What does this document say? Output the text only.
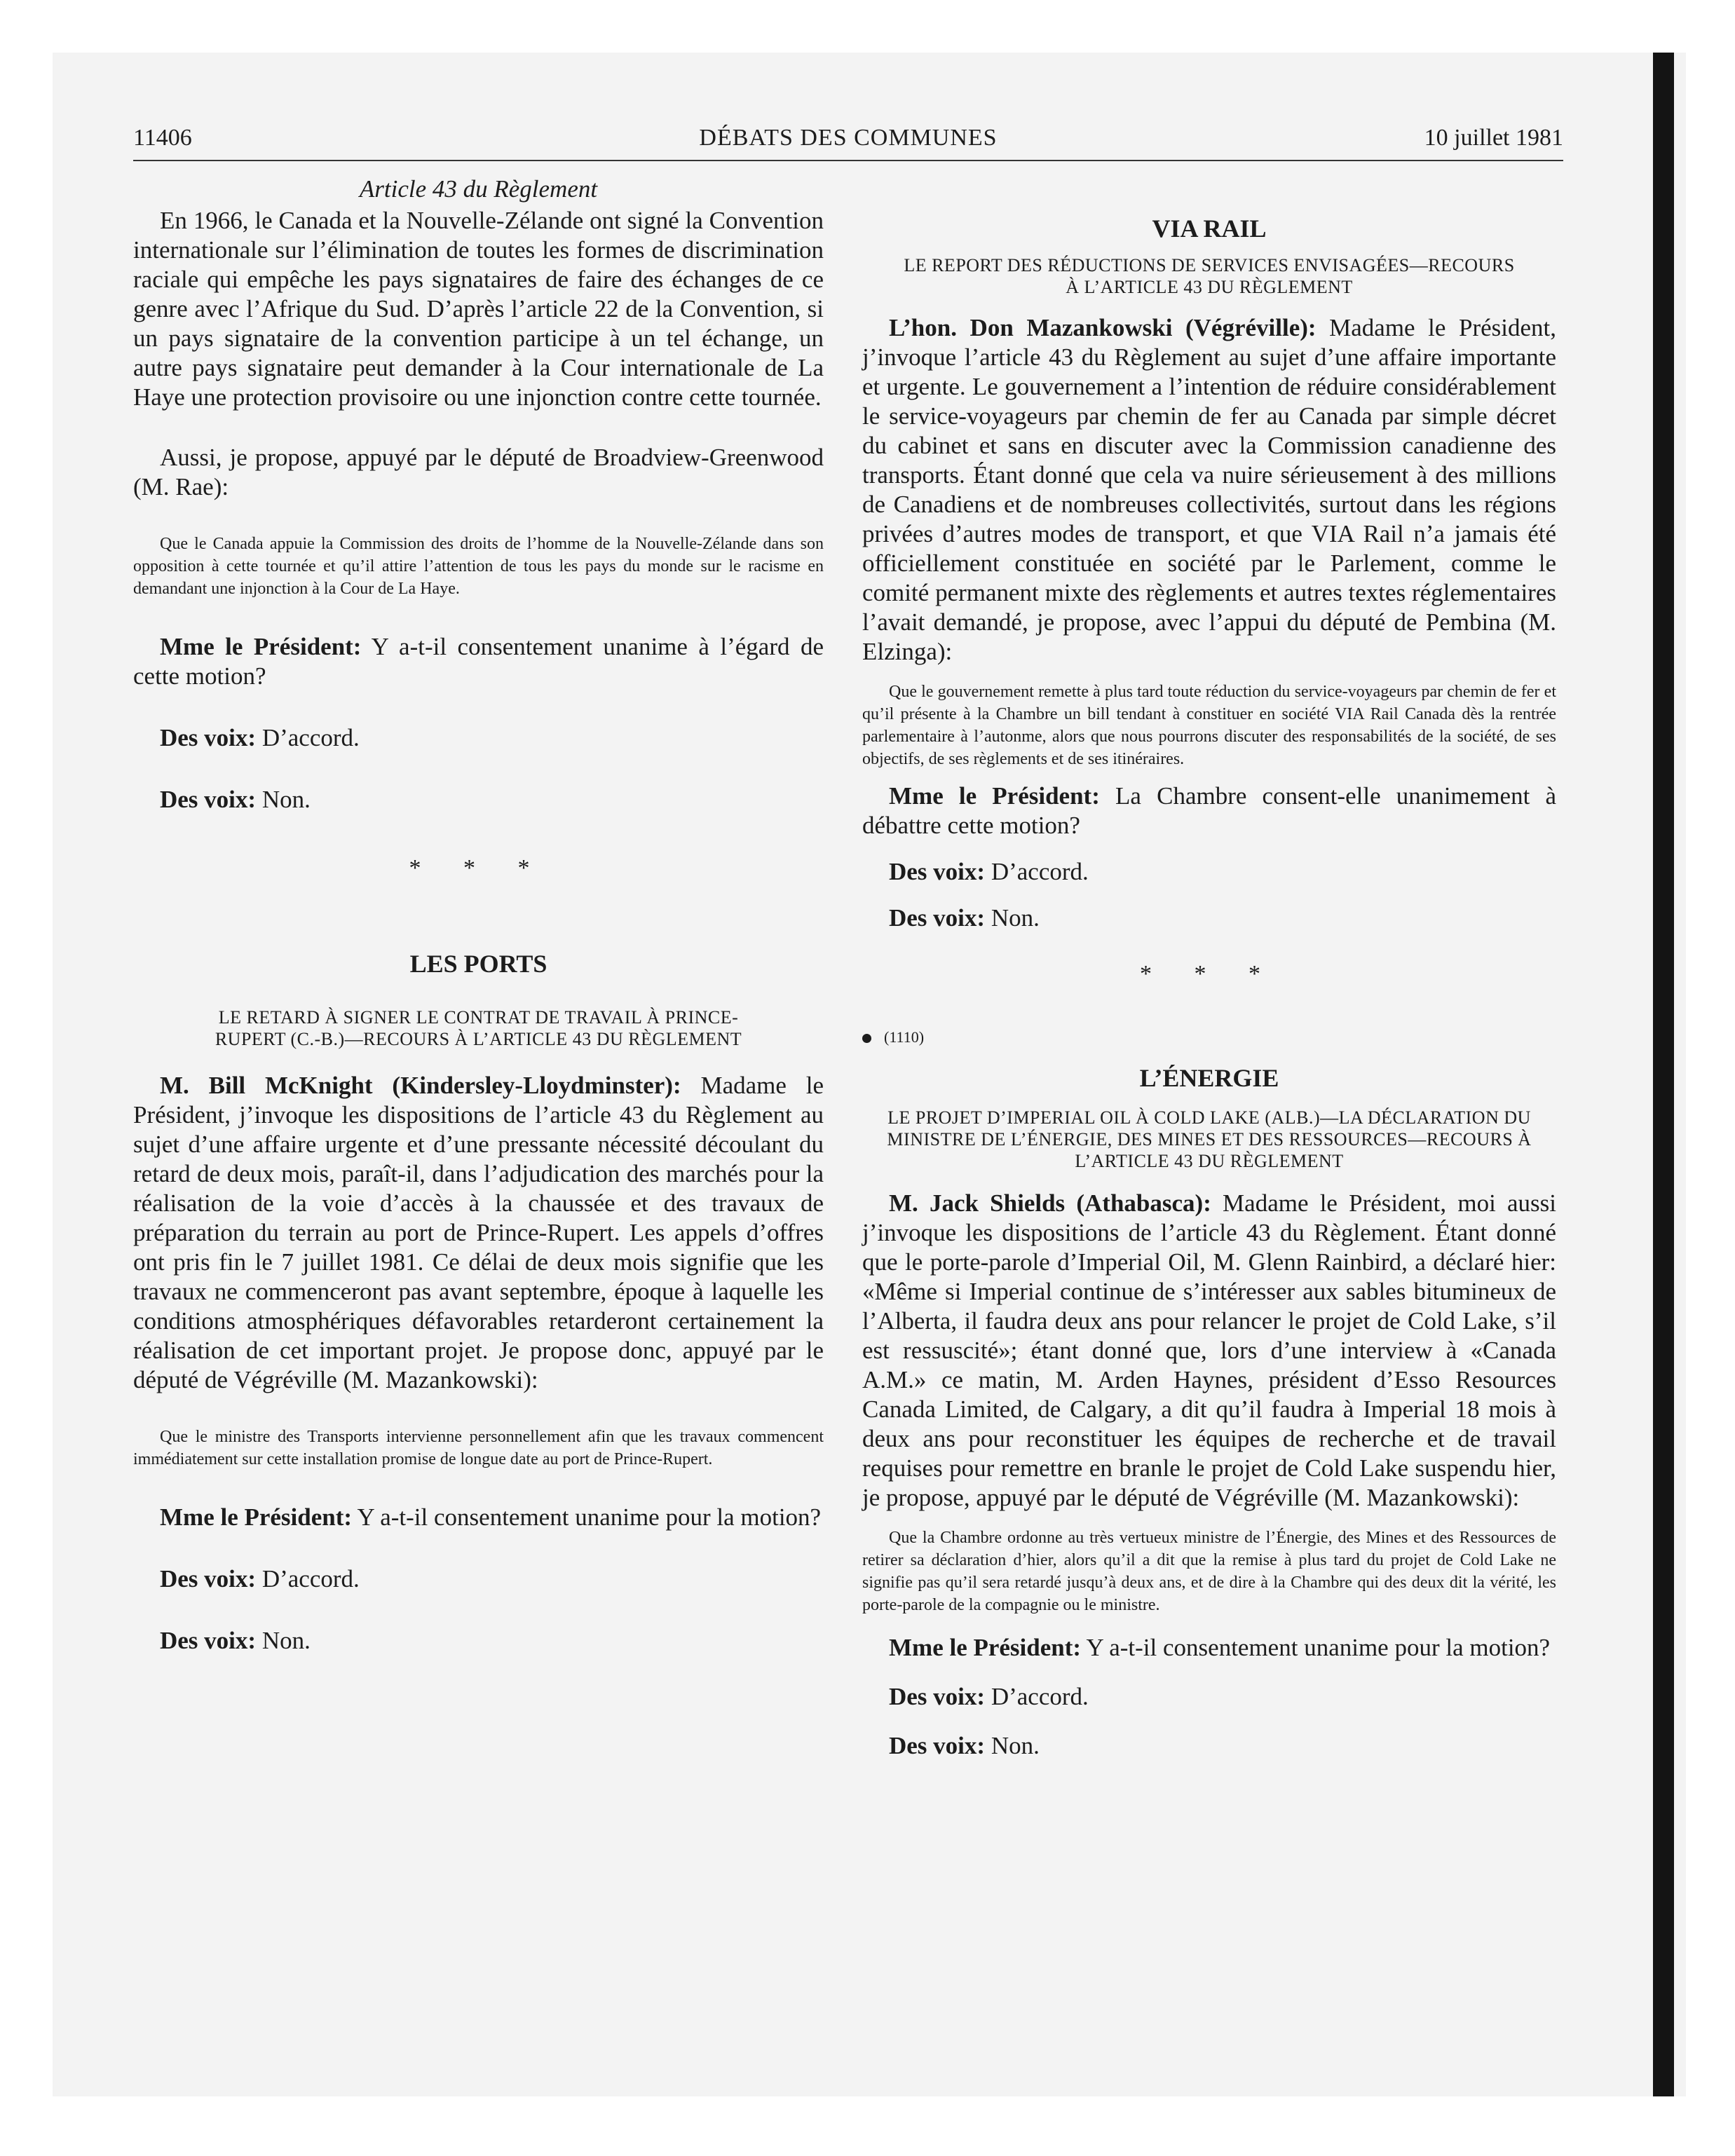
11406	DÉBATS DES COMMUNES	10 juillet 1981

Article 43 du Règlement

En 1966, le Canada et la Nouvelle-Zélande ont signé la Convention internationale sur l’élimination de toutes les formes de discrimination raciale qui empêche les pays signataires de faire des échanges de ce genre avec l’Afrique du Sud. D’après l’article 22 de la Convention, si un pays signataire de la convention participe à un tel échange, un autre pays signataire peut demander à la Cour internationale de La Haye une protection provisoire ou une injonction contre cette tournée.

Aussi, je propose, appuyé par le député de Broadview-Greenwood (M. Rae):

Que le Canada appuie la Commission des droits de l’homme de la Nouvelle-Zélande dans son opposition à cette tournée et qu’il attire l’attention de tous les pays du monde sur le racisme en demandant une injonction à la Cour de La Haye.

Mme le Président: Y a-t-il consentement unanime à l’égard de cette motion?

Des voix: D’accord.

Des voix: Non.

* * *

LES PORTS

LE RETARD À SIGNER LE CONTRAT DE TRAVAIL À PRINCE-RUPERT (C.-B.)—RECOURS À L’ARTICLE 43 DU RÈGLEMENT

M. Bill McKnight (Kindersley-Lloydminster): Madame le Président, j’invoque les dispositions de l’article 43 du Règlement au sujet d’une affaire urgente et d’une pressante nécessité découlant du retard de deux mois, paraît-il, dans l’adjudication des marchés pour la réalisation de la voie d’accès à la chaussée et des travaux de préparation du terrain au port de Prince-Rupert. Les appels d’offres ont pris fin le 7 juillet 1981. Ce délai de deux mois signifie que les travaux ne commenceront pas avant septembre, époque à laquelle les conditions atmosphériques défavorables retarderont certainement la réalisation de cet important projet. Je propose donc, appuyé par le député de Végréville (M. Mazankowski):

Que le ministre des Transports intervienne personnellement afin que les travaux commencent immédiatement sur cette installation promise de longue date au port de Prince-Rupert.

Mme le Président: Y a-t-il consentement unanime pour la motion?

Des voix: D’accord.

Des voix: Non.

VIA RAIL

LE REPORT DES RÉDUCTIONS DE SERVICES ENVISAGÉES—RECOURS À L’ARTICLE 43 DU RÈGLEMENT

L’hon. Don Mazankowski (Végréville): Madame le Président, j’invoque l’article 43 du Règlement au sujet d’une affaire importante et urgente. Le gouvernement a l’intention de réduire considérablement le service-voyageurs par chemin de fer au Canada par simple décret du cabinet et sans en discuter avec la Commission canadienne des transports. Étant donné que cela va nuire sérieusement à des millions de Canadiens et de nombreuses collectivités, surtout dans les régions privées d’autres modes de transport, et que VIA Rail n’a jamais été officiellement constituée en société par le Parlement, comme le comité permanent mixte des règlements et autres textes réglementaires l’avait demandé, je propose, avec l’appui du député de Pembina (M. Elzinga):

Que le gouvernement remette à plus tard toute réduction du service-voyageurs par chemin de fer et qu’il présente à la Chambre un bill tendant à constituer en société VIA Rail Canada dès la rentrée parlementaire à l’autonme, alors que nous pourrons discuter des responsabilités de la société, de ses objectifs, de ses règlements et de ses itinéraires.

Mme le Président: La Chambre consent-elle unanimement à débattre cette motion?

Des voix: D’accord.

Des voix: Non.

* * *

(1110)

L’ÉNERGIE

LE PROJET D’IMPERIAL OIL À COLD LAKE (ALB.)—LA DÉCLARATION DU MINISTRE DE L’ÉNERGIE, DES MINES ET DES RESSOURCES—RECOURS À L’ARTICLE 43 DU RÈGLEMENT

M. Jack Shields (Athabasca): Madame le Président, moi aussi j’invoque les dispositions de l’article 43 du Règlement. Étant donné que le porte-parole d’Imperial Oil, M. Glenn Rainbird, a déclaré hier: «Même si Imperial continue de s’intéresser aux sables bitumineux de l’Alberta, il faudra deux ans pour relancer le projet de Cold Lake, s’il est ressuscité»; étant donné que, lors d’une interview à «Canada A.M.» ce matin, M. Arden Haynes, président d’Esso Resources Canada Limited, de Calgary, a dit qu’il faudra à Imperial 18 mois à deux ans pour reconstituer les équipes de recherche et de travail requises pour remettre en branle le projet de Cold Lake suspendu hier, je propose, appuyé par le député de Végréville (M. Mazankowski):

Que la Chambre ordonne au très vertueux ministre de l’Énergie, des Mines et des Ressources de retirer sa déclaration d’hier, alors qu’il a dit que la remise à plus tard du projet de Cold Lake ne signifie pas qu’il sera retardé jusqu’à deux ans, et de dire à la Chambre qui des deux dit la vérité, les porte-parole de la compagnie ou le ministre.

Mme le Président: Y a-t-il consentement unanime pour la motion?

Des voix: D’accord.

Des voix: Non.
